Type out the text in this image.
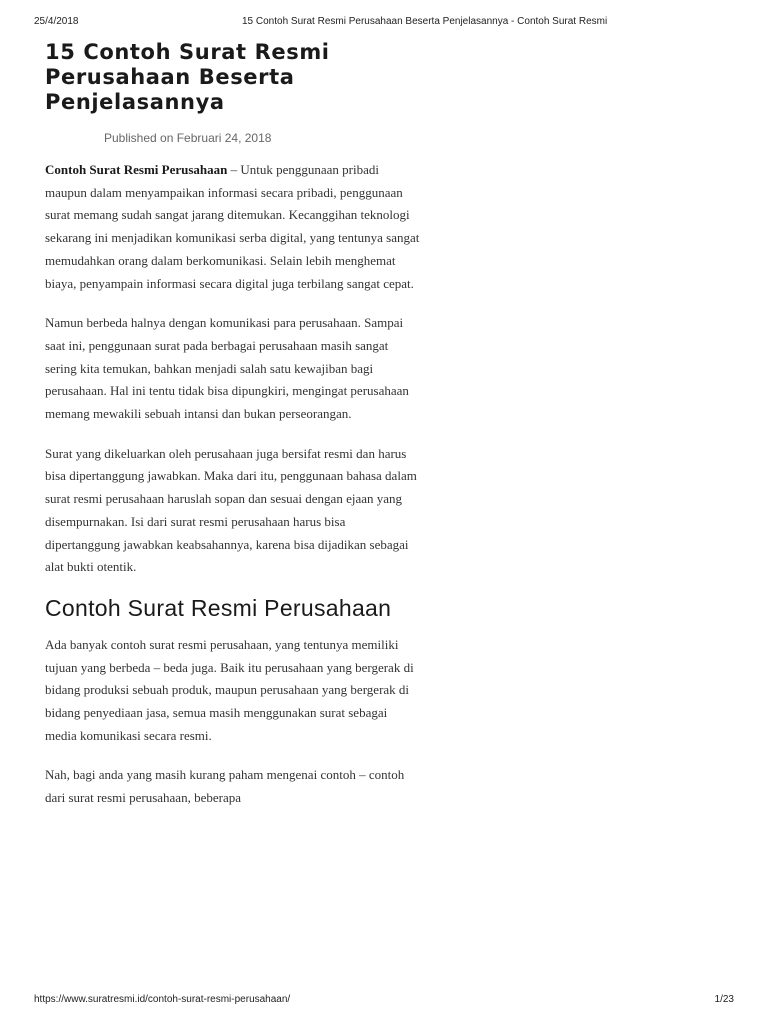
25/4/2018	15 Contoh Surat Resmi Perusahaan Beserta Penjelasannya - Contoh Surat Resmi
15 Contoh Surat Resmi Perusahaan Beserta Penjelasannya
Published on Februari 24, 2018

Contoh Surat Resmi Perusahaan – Untuk penggunaan pribadi maupun dalam menyampaikan informasi secara pribadi, penggunaan surat memang sudah sangat jarang ditemukan. Kecanggihan teknologi sekarang ini menjadikan komunikasi serba digital, yang tentunya sangat memudahkan orang dalam berkomunikasi. Selain lebih menghemat biaya, penyampain informasi secara digital juga terbilang sangat cepat.

Namun berbeda halnya dengan komunikasi para perusahaan. Sampai saat ini, penggunaan surat pada berbagai perusahaan masih sangat sering kita temukan, bahkan menjadi salah satu kewajiban bagi perusahaan. Hal ini tentu tidak bisa dipungkiri, mengingat perusahaan memang mewakili sebuah intansi dan bukan perseorangan.

Surat yang dikeluarkan oleh perusahaan juga bersifat resmi dan harus bisa dipertanggung jawabkan. Maka dari itu, penggunaan bahasa dalam surat resmi perusahaan haruslah sopan dan sesuai dengan ejaan yang disempurnakan. Isi dari surat resmi perusahaan harus bisa dipertanggung jawabkan keabsahannya, karena bisa dijadikan sebagai alat bukti otentik.

Contoh Surat Resmi Perusahaan

Ada banyak contoh surat resmi perusahaan, yang tentunya memiliki tujuan yang berbeda – beda juga. Baik itu perusahaan yang bergerak di bidang produksi sebuah produk, maupun perusahaan yang bergerak di bidang penyediaan jasa, semua masih menggunakan surat sebagai media komunikasi secara resmi.

Nah, bagi anda yang masih kurang paham mengenai contoh – contoh dari surat resmi perusahaan, beberapa

https://www.suratresmi.id/contoh-surat-resmi-perusahaan/	1/23
